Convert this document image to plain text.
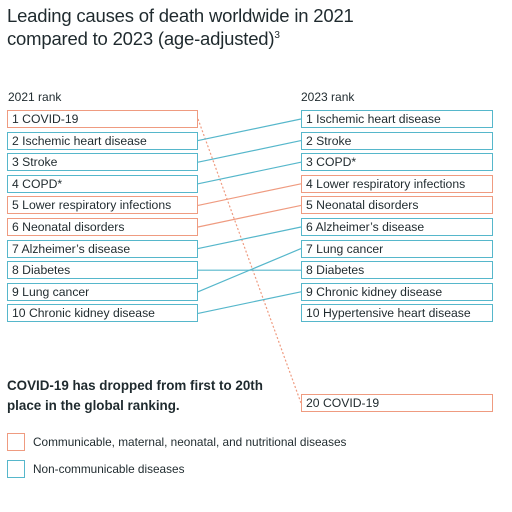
Leading causes of death worldwide in 2021 compared to 2023 (age-adjusted)$^3$
2021 rank	2023 rank
1 COVID-19
2 Ischemic heart disease
3 Stroke
4 COPD*
5 Lower respiratory infections
6 Neonatal disorders
7 Alzheimer’s disease
8 Diabetes
9 Lung cancer
10 Chronic kidney disease
1 Ischemic heart disease
2 Stroke
3 COPD*
4 Lower respiratory infections
5 Neonatal disorders
6 Alzheimer’s disease
7 Lung cancer
8 Diabetes
9 Chronic kidney disease
10 Hypertensive heart disease
20 COVID-19
COVID-19 has dropped from first to 20th place in the global ranking.
Communicable, maternal, neonatal, and nutritional diseases
Non-communicable diseases
